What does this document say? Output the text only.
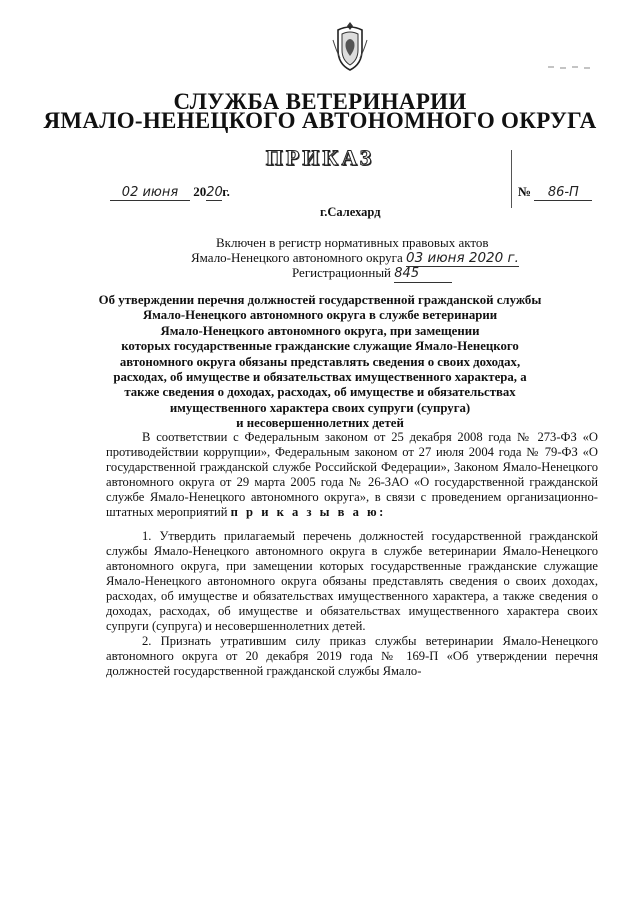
СЛУЖБА ВЕТЕРИНАРИИ
ЯМАЛО-НЕНЕЦКОГО АВТОНОМНОГО ОКРУГА
ПРИКАЗ
02 июня 2020г.	№ 86-П
г.Салехард
Включен в регистр нормативных правовых актов
Ямало-Ненецкого автономного округа 03 июня 2020 г.
Регистрационный 845
Об утверждении перечня должностей государственной гражданской службы
Ямало-Ненецкого автономного округа в службе ветеринарии
Ямало-Ненецкого автономного округа, при замещении
которых государственные гражданские служащие Ямало-Ненецкого
автономного округа обязаны представлять сведения о своих доходах,
расходах, об имуществе и обязательствах имущественного характера, а
также сведения о доходах, расходах, об имуществе и обязательствах
имущественного характера своих супруги (супруга)
и несовершеннолетних детей

В соответствии с Федеральным законом от 25 декабря 2008 года № 273-ФЗ «О противодействии коррупции», Федеральным законом от 27 июля 2004 года № 79-ФЗ «О государственной гражданской службе Российской Федерации», Законом Ямало-Ненецкого автономного округа от 29 марта 2005 года № 26-ЗАО «О государственной гражданской службе Ямало-Ненецкого автономного округа», в связи с проведением организационно-штатных мероприятий п р и к а з ы в а ю:

1. Утвердить прилагаемый перечень должностей государственной гражданской службы Ямало-Ненецкого автономного округа в службе ветеринарии Ямало-Ненецкого автономного округа, при замещении которых государственные гражданские служащие Ямало-Ненецкого автономного округа обязаны представлять сведения о своих доходах, расходах, об имуществе и обязательствах имущественного характера, а также сведения о доходах, расходах, об имуществе и обязательствах имущественного характера своих супруги (супруга) и несовершеннолетних детей.

2. Признать утратившим силу приказ службы ветеринарии Ямало-Ненецкого автономного округа от 20 декабря 2019 года № 169-П «Об утверждении перечня должностей государственной гражданской службы Ямало-
